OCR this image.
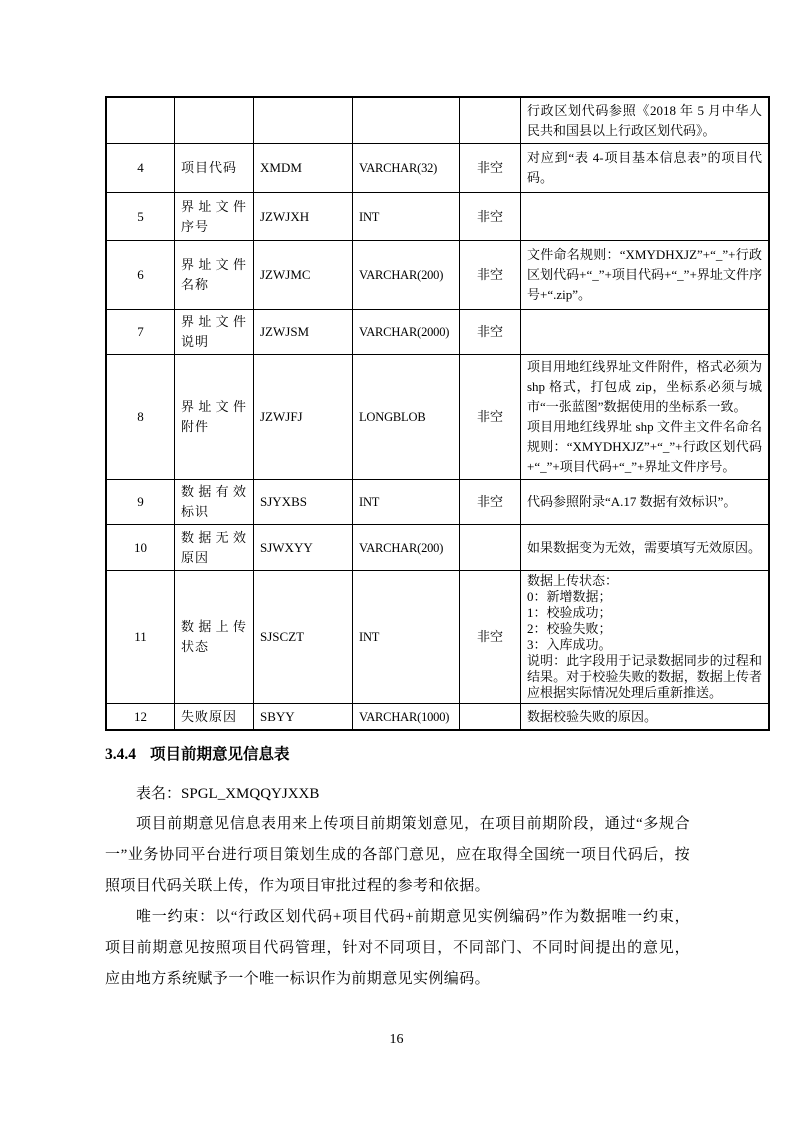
					行政区划代码参照《2018 年 5 月中华人民共和国县以上行政区划代码》。

4	项目代码	XMDM	VARCHAR(32)	非空	对应到“表 4-项目基本信息表”的项目代码。

5	界址文件序号	JZWJXH	INT	非空	
6	界址文件名称	JZWJMC	VARCHAR(200)	非空	文件命名规则：“XMYDHXJZ”+“_”+行政区划代码+“_”+项目代码+“_”+界址文件序号+“.zip”。

7	界址文件说明	JZWJSM	VARCHAR(2000)	非空	
8	界址文件附件	JZWJFJ	LONGBLOB	非空	项目用地红线界址文件附件，格式必须为 shp 格式，打包成 zip，坐标系必须与城市“一张蓝图”数据使用的坐标系一致。
项目用地红线界址 shp 文件主文件名命名规则：“XMYDHXJZ”+“_”+行政区划代码+“_”+项目代码+“_”+界址文件序号。

9	数据有效标识	SJYXBS	INT	非空	代码参照附录“A.17 数据有效标识”。

10	数据无效原因	SJWXYY	VARCHAR(200)		如果数据变为无效，需要填写无效原因。

11	数据上传状态	SJSCZT	INT	非空	
数据上传状态：
0：新增数据；
1：校验成功；
2：校验失败；
3：入库成功。
说明：此字段用于记录数据同步的过程和结果。对于校验失败的数据，数据上传者应根据实际情况处理后重新推送。

12	失败原因	SBYY	VARCHAR(1000)		数据校验失败的原因。
3.4.4 项目前期意见信息表
表名：SPGL_XMQQYJXXB

项目前期意见信息表用来上传项目前期策划意见，在项目前期阶段，通过“多规合一”业务协同平台进行项目策划生成的各部门意见，应在取得全国统一项目代码后，按照项目代码关联上传，作为项目审批过程的参考和依据。

唯一约束：以“行政区划代码+项目代码+前期意见实例编码”作为数据唯一约束，项目前期意见按照项目代码管理，针对不同项目，不同部门、不同时间提出的意见，应由地方系统赋予一个唯一标识作为前期意见实例编码。

16
